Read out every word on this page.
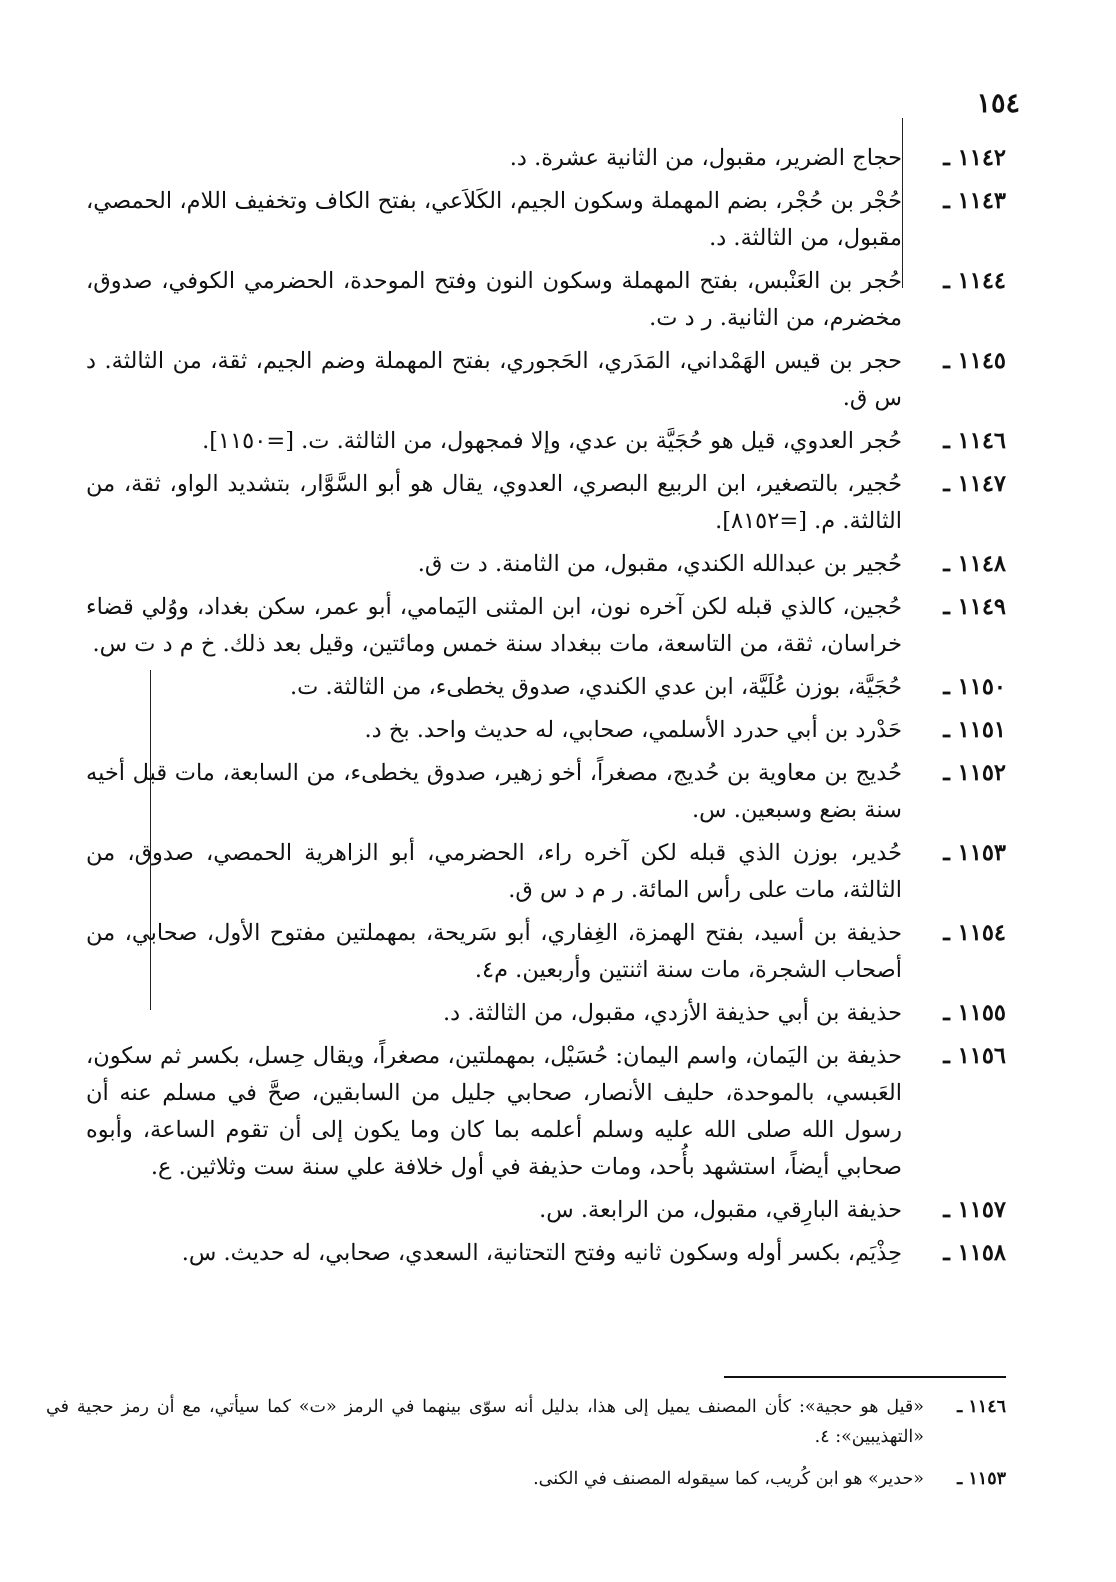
١٥٤
١١٤٢ ـ
حجاج الضرير، مقبول، من الثانية عشرة. د.
١١٤٣ ـ
حُجْر بن حُجْر، بضم المهملة وسكون الجيم، الكَلاَعي، بفتح الكاف وتخفيف اللام، الحمصي، مقبول، من الثالثة. د.
١١٤٤ ـ
حُجر بن العَنْبس، بفتح المهملة وسكون النون وفتح الموحدة، الحضرمي الكوفي، صدوق، مخضرم، من الثانية. ر د ت.
١١٤٥ ـ
حجر بن قيس الهَمْداني، المَدَري، الحَجوري، بفتح المهملة وضم الجيم، ثقة، من الثالثة. د س ق.
١١٤٦ ـ
حُجر العدوي، قيل هو حُجَيَّة بن عدي، وإلا فمجهول، من الثالثة. ت. [=١١٥٠].
١١٤٧ ـ
حُجير، بالتصغير، ابن الربيع البصري، العدوي، يقال هو أبو السَّوَّار، بتشديد الواو، ثقة، من الثالثة. م. [=٨١٥٢].
١١٤٨ ـ
حُجير بن عبدالله الكندي، مقبول، من الثامنة. د ت ق.
١١٤٩ ـ
حُجين، كالذي قبله لكن آخره نون، ابن المثنى اليَمامي، أبو عمر، سكن بغداد، ووُلي قضاء خراسان، ثقة، من التاسعة، مات ببغداد سنة خمس ومائتين، وقيل بعد ذلك. خ م د ت س.
١١٥٠ ـ
حُجَيَّة، بوزن عُلَيَّة، ابن عدي الكندي، صدوق يخطىء، من الثالثة. ت.
١١٥١ ـ
حَدْرد بن أبي حدرد الأسلمي، صحابي، له حديث واحد. بخ د.
١١٥٢ ـ
حُديج بن معاوية بن حُديج، مصغراً، أخو زهير، صدوق يخطىء، من السابعة، مات قبل أخيه سنة بضع وسبعين. س.
١١٥٣ ـ
حُدير، بوزن الذي قبله لكن آخره راء، الحضرمي، أبو الزاهرية الحمصي، صدوق، من الثالثة، مات على رأس المائة. ر م د س ق.
١١٥٤ ـ
حذيفة بن أسيد، بفتح الهمزة، الغِفاري، أبو سَريحة، بمهملتين مفتوح الأول، صحابي، من أصحاب الشجرة، مات سنة اثنتين وأربعين. م٤.
١١٥٥ ـ
حذيفة بن أبي حذيفة الأزدي، مقبول، من الثالثة. د.
١١٥٦ ـ
حذيفة بن اليَمان، واسم اليمان: حُسَيْل، بمهملتين، مصغراً، ويقال حِسل، بكسر ثم سكون، العَبسي، بالموحدة، حليف الأنصار، صحابي جليل من السابقين، صحَّ في مسلم عنه أن رسول الله صلى الله عليه وسلم أعلمه بما كان وما يكون إلى أن تقوم الساعة، وأبوه صحابي أيضاً، استشهد بأُحد، ومات حذيفة في أول خلافة علي سنة ست وثلاثين. ع.
١١٥٧ ـ
حذيفة البارِقي، مقبول، من الرابعة. س.
١١٥٨ ـ
حِذْيَم، بكسر أوله وسكون ثانيه وفتح التحتانية، السعدي، صحابي، له حديث. س.
١١٤٦ ـ
«قيل هو حجية»: كأن المصنف يميل إلى هذا، بدليل أنه سوّى بينهما في الرمز «ت» كما سيأتي، مع أن رمز حجية في «التهذيبين»: ٤.
١١٥٣ ـ
«حدير» هو ابن كُريب، كما سيقوله المصنف في الكنى.
